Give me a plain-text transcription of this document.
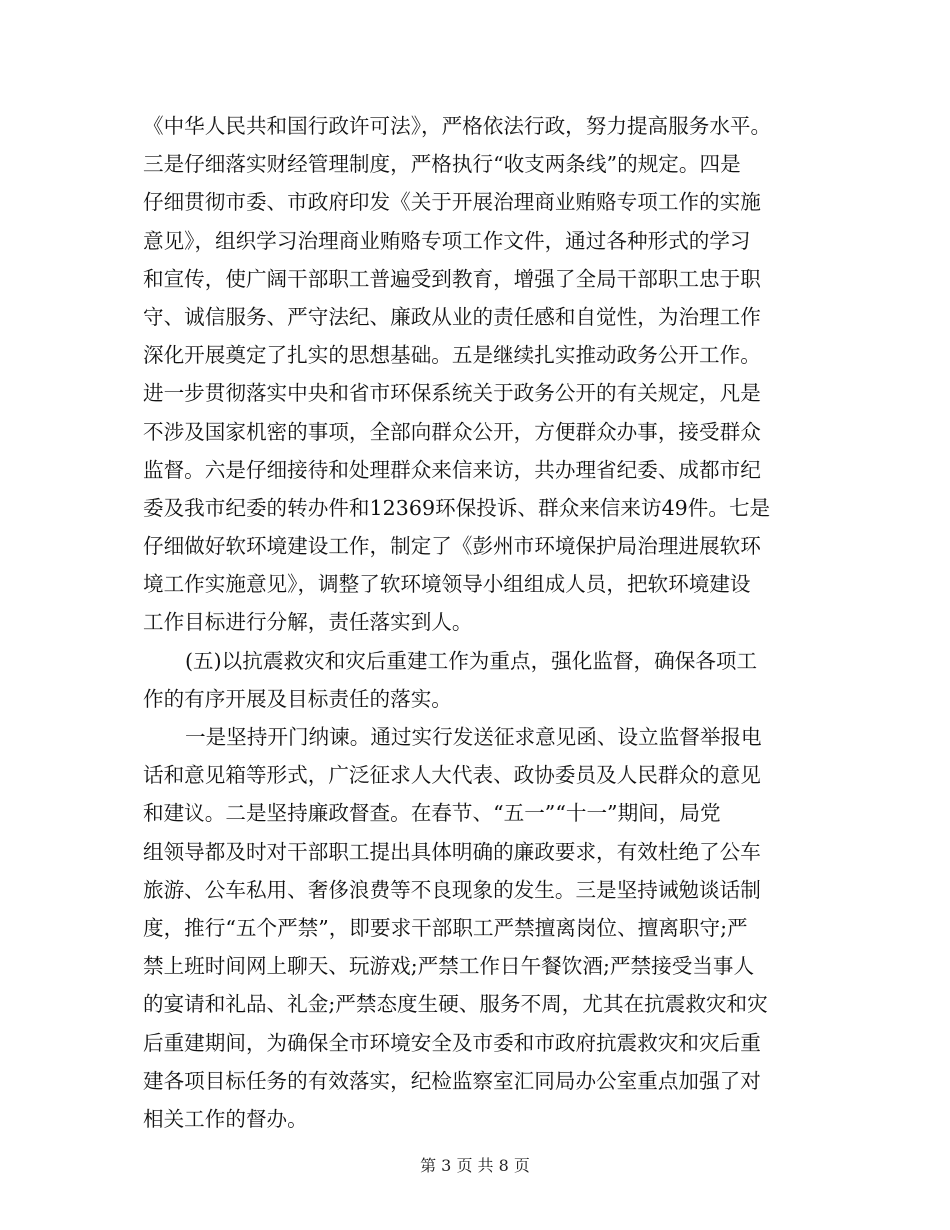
《中华人民共和国行政许可法》，严格依法行政，努力提高服务水平。
三是仔细落实财经管理制度，严格执行“收支两条线”的规定。四是
仔细贯彻市委、市政府印发《关于开展治理商业贿赂专项工作的实施
意见》，组织学习治理商业贿赂专项工作文件，通过各种形式的学习
和宣传，使广阔干部职工普遍受到教育，增强了全局干部职工忠于职
守、诚信服务、严守法纪、廉政从业的责任感和自觉性，为治理工作
深化开展奠定了扎实的思想基础。五是继续扎实推动政务公开工作。
进一步贯彻落实中央和省市环保系统关于政务公开的有关规定，凡是
不涉及国家机密的事项，全部向群众公开，方便群众办事，接受群众
监督。六是仔细接待和处理群众来信来访，共办理省纪委、成都市纪
委及我市纪委的转办件和12369环保投诉、群众来信来访49件。七是
仔细做好软环境建设工作，制定了《彭州市环境保护局治理进展软环
境工作实施意见》，调整了软环境领导小组组成人员，把软环境建设
工作目标进行分解，责任落实到人。
(五)以抗震救灾和灾后重建工作为重点，强化监督，确保各项工
作的有序开展及目标责任的落实。
一是坚持开门纳谏。通过实行发送征求意见函、设立监督举报电
话和意见箱等形式，广泛征求人大代表、政协委员及人民群众的意见
和建议。二是坚持廉政督查。在春节、“五一”“十一”期间，局党
组领导都及时对干部职工提出具体明确的廉政要求，有效杜绝了公车
旅游、公车私用、奢侈浪费等不良现象的发生。三是坚持诫勉谈话制
度，推行“五个严禁”，即要求干部职工严禁擅离岗位、擅离职守;严
禁上班时间网上聊天、玩游戏;严禁工作日午餐饮酒;严禁接受当事人
的宴请和礼品、礼金;严禁态度生硬、服务不周，尤其在抗震救灾和灾
后重建期间，为确保全市环境安全及市委和市政府抗震救灾和灾后重
建各项目标任务的有效落实，纪检监察室汇同局办公室重点加强了对
相关工作的督办。
第 3 页 共 8 页
